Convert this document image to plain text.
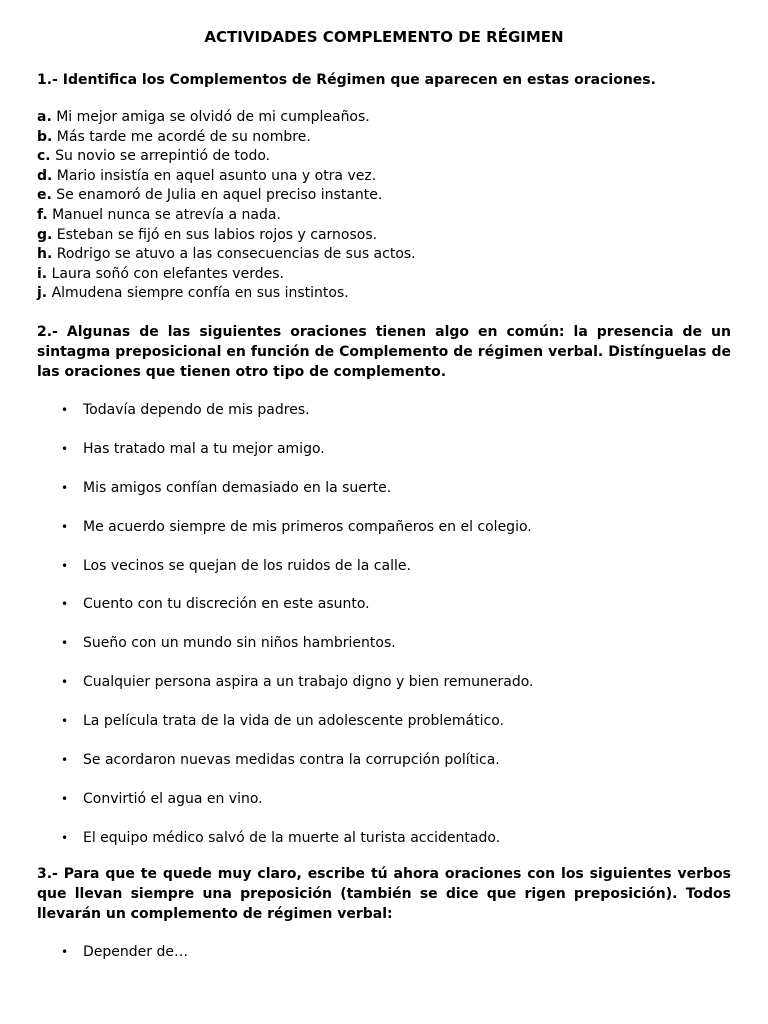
ACTIVIDADES COMPLEMENTO DE RÉGIMEN
1.- Identifica los Complementos de Régimen que aparecen en estas oraciones.
a. Mi mejor amiga se olvidó de mi cumpleaños.
b. Más tarde me acordé de su nombre.
c. Su novio se arrepintió de todo.
d. Mario insistía en aquel asunto una y otra vez.
e. Se enamoró de Julia en aquel preciso instante.
f. Manuel nunca se atrevía a nada.
g. Esteban se fijó en sus labios rojos y carnosos.
h. Rodrigo se atuvo a las consecuencias de sus actos.
i. Laura soñó con elefantes verdes.
j. Almudena siempre confía en sus instintos.
2.- Algunas de las siguientes oraciones tienen algo en común: la presencia de un sintagma preposicional en función de Complemento de régimen verbal. Distínguelas de las oraciones que tienen otro tipo de complemento.
• Todavía dependo de mis padres.
• Has tratado mal a tu mejor amigo.
• Mis amigos confían demasiado en la suerte.
• Me acuerdo siempre de mis primeros compañeros en el colegio.
• Los vecinos se quejan de los ruidos de la calle.
• Cuento con tu discreción en este asunto.
• Sueño con un mundo sin niños hambrientos.
• Cualquier persona aspira a un trabajo digno y bien remunerado.
• La película trata de la vida de un adolescente problemático.
• Se acordaron nuevas medidas contra la corrupción política.
• Convirtió el agua en vino.
• El equipo médico salvó de la muerte al turista accidentado.
3.- Para que te quede muy claro, escribe tú ahora oraciones con los siguientes verbos que llevan siempre una preposición (también se dice que rigen preposición). Todos llevarán un complemento de régimen verbal:
• Depender de…
